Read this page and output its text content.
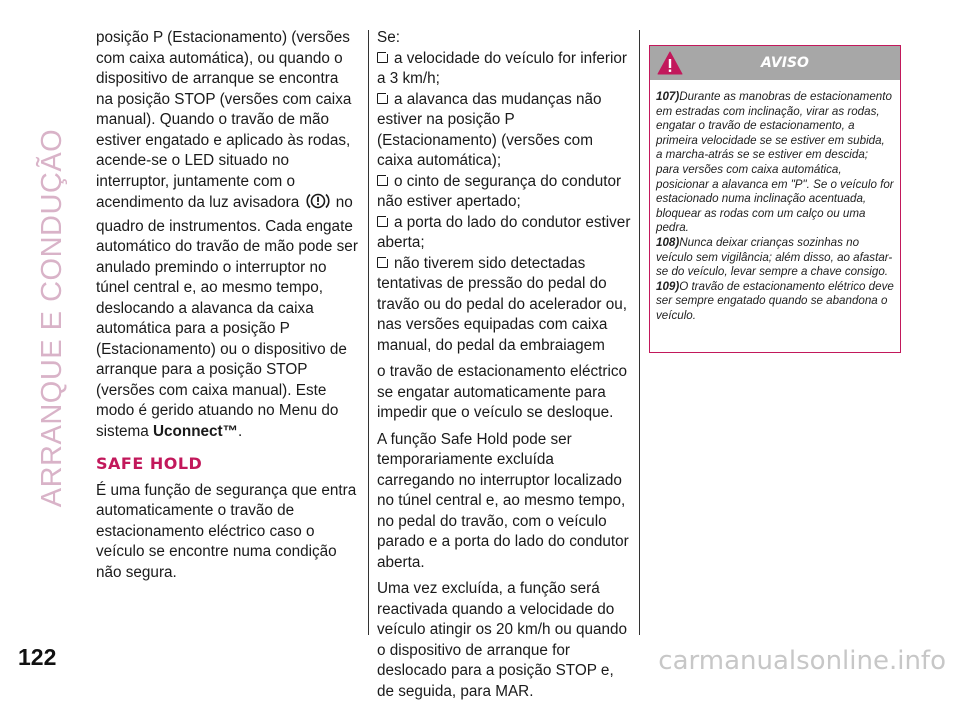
ARRANQUE E CONDUÇÃO
122

posição P (Estacionamento) (versões com caixa automática), ou quando o dispositivo de arranque se encontra na posição STOP (versões com caixa manual). Quando o travão de mão estiver engatado e aplicado às rodas, acende-se o LED situado no interruptor, juntamente com o acendimento da luz avisadora no quadro de instrumentos. Cada engate automático do travão de mão pode ser anulado premindo o interruptor no túnel central e, ao mesmo tempo, deslocando a alavanca da caixa automática para a posição P (Estacionamento) ou o dispositivo de arranque para a posição STOP (versões com caixa manual). Este modo é gerido atuando no Menu do sistema Uconnect™.

SAFE HOLD

É uma função de segurança que entra automaticamente o travão de estacionamento eléctrico caso o veículo se encontre numa condição não segura.

Se:

a velocidade do veículo for inferior a 3 km/h;

a alavanca das mudanças não estiver na posição P (Estacionamento) (versões com caixa automática);

o cinto de segurança do condutor não estiver apertado;

a porta do lado do condutor estiver aberta;

não tiverem sido detectadas tentativas de pressão do pedal do travão ou do pedal do acelerador ou, nas versões equipadas com caixa manual, do pedal da embraiagem

o travão de estacionamento eléctrico se engatar automaticamente para impedir que o veículo se desloque.

A função Safe Hold pode ser temporariamente excluída carregando no interruptor localizado no túnel central e, ao mesmo tempo, no pedal do travão, com o veículo parado e a porta do lado do condutor aberta.

Uma vez excluída, a função será reactivada quando a velocidade do veículo atingir os 20 km/h ou quando o dispositivo de arranque for deslocado para a posição STOP e, de seguida, para MAR.

AVISO

107)Durante as manobras de estacionamento em estradas com inclinação, virar as rodas, engatar o travão de estacionamento, a primeira velocidade se se estiver em subida, a marcha-atrás se se estiver em descida; para versões com caixa automática, posicionar a alavanca em "P". Se o veículo for estacionado numa inclinação acentuada, bloquear as rodas com um calço ou uma pedra.

108)Nunca deixar crianças sozinhas no veículo sem vigilância; além disso, ao afastar-se do veículo, levar sempre a chave consigo.

109)O travão de estacionamento elétrico deve ser sempre engatado quando se abandona o veículo.

carmanualsonline.info
